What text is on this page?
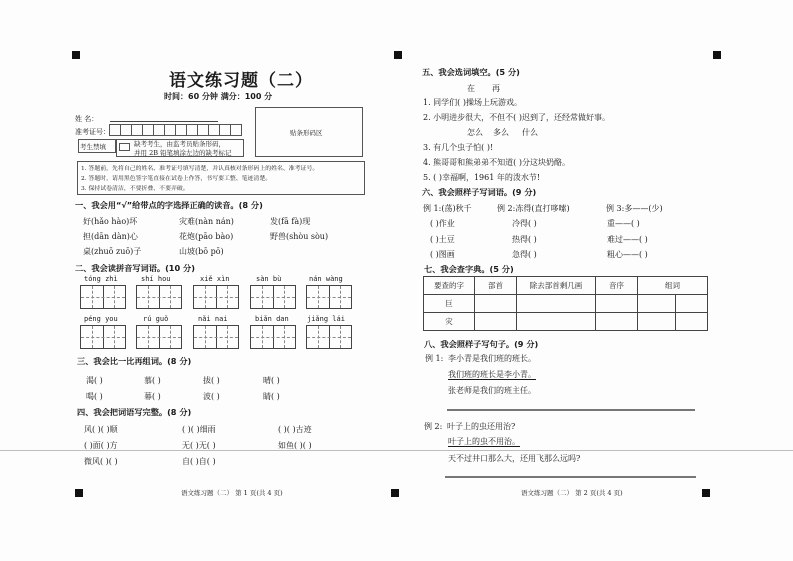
语文练习题（二）
时间：60 分钟 满分：100 分
姓 名：
准考证号：
考生禁填	缺考考生，由监考员贴条形码，
并用 2B 铅笔填涂左边的缺考标记
贴条形码区
1. 答题前，先将自己的姓名、准考证号填写清楚，并认真核对条形码上的姓名、准考证号。
2. 答题时，请用黑色签字笔直接在试卷上作答，书写要工整、笔迹清楚。
3. 保持试卷清洁，不要折叠、不要弄破。
一、我会用“√”给带点的字选择正确的读音。(8 分)
好(hǎo hào)坏	灾难(nàn nán)	发(fā fà)现
担(dān dàn)心	花炮(pāo bào)	野兽(shòu sòu)
桌(zhuō zuō)子	山坡(bō pō)
二、我会读拼音写词语。(10 分)
tóng zhì	shí hou	xiě xìn	sàn bù	nán wàng
péng you	rú guǒ	nǎi nai	biǎn dan	jiǎng lái
三、我会比一比再组词。(8 分)
渴( )	慕( )	拔( )	晴( )
喝( )	幕( )	波( )	睛( )
四、我会把词语写完整。(8 分)
风( )( )顺	( )( )细雨	( )( )古迹
( )面( )方	无( )无( )	如鱼( )( )
微风( )( )	自( )自( )
语文练习题（二） 第 1 页(共 4 页)
五、我会选词填空。(5 分)
在 再
1. 同学们( )操场上玩游戏。
2. 小明进步很大，不但不( )迟到了，还经常做好事。
怎么 多么 什么
3. 有几个虫子怕( )!
4. 熊哥哥和熊弟弟不知道( )分这块奶酪。
5. ( )幸福啊，1961 年的泼水节!
六、我会照样子写词语。(9 分)
例 1:(荡)秋千	例 2:冻得(直打哆嗦)	例 3:多——(少)
( )作业	冷得( )	重——( )
( )土豆	热得( )	难过——( )
( )图画	急得( )	粗心——( )
七、我会查字典。(5 分)
要查的字	部首	除去部首剩几画	音序	组词	
巨					
灾					
八、我会照样子写句子。(9 分)
例 1: 李小青是我们班的班长。
我们班的班长是李小青。
张老师是我们的班主任。
例 2: 叶子上的虫还用治?
叶子上的虫不用治。
天不过井口那么大，还用飞那么远吗?
语文练习题（二） 第 2 页(共 4 页)
